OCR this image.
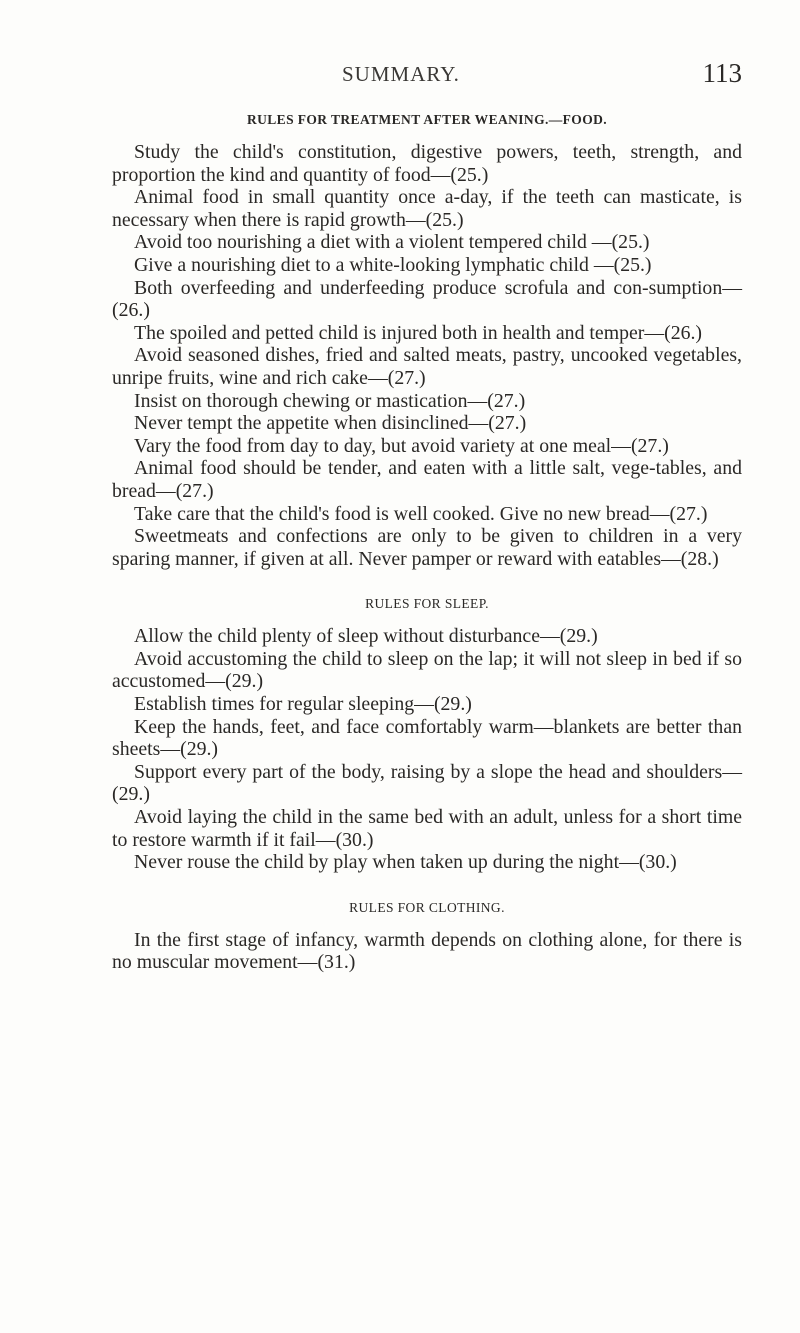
SUMMARY.	113
RULES FOR TREATMENT AFTER WEANING.—FOOD.

Study the child's constitution, digestive powers, teeth, strength, and proportion the kind and quantity of food—(25.)

Animal food in small quantity once a-day, if the teeth can masticate, is necessary when there is rapid growth—(25.)

Avoid too nourishing a diet with a violent tempered child —(25.)

Give a nourishing diet to a white-looking lymphatic child —(25.)

Both overfeeding and underfeeding produce scrofula and con-sumption—(26.)

The spoiled and petted child is injured both in health and temper—(26.)

Avoid seasoned dishes, fried and salted meats, pastry, uncooked vegetables, unripe fruits, wine and rich cake—(27.)

Insist on thorough chewing or mastication—(27.)

Never tempt the appetite when disinclined—(27.)

Vary the food from day to day, but avoid variety at one meal—(27.)

Animal food should be tender, and eaten with a little salt, vege-tables, and bread—(27.)

Take care that the child's food is well cooked. Give no new bread—(27.)

Sweetmeats and confections are only to be given to children in a very sparing manner, if given at all. Never pamper or reward with eatables—(28.)

RULES FOR SLEEP.

Allow the child plenty of sleep without disturbance—(29.)

Avoid accustoming the child to sleep on the lap; it will not sleep in bed if so accustomed—(29.)

Establish times for regular sleeping—(29.)

Keep the hands, feet, and face comfortably warm—blankets are better than sheets—(29.)

Support every part of the body, raising by a slope the head and shoulders—(29.)

Avoid laying the child in the same bed with an adult, unless for a short time to restore warmth if it fail—(30.)

Never rouse the child by play when taken up during the night—(30.)

RULES FOR CLOTHING.

In the first stage of infancy, warmth depends on clothing alone, for there is no muscular movement—(31.)
